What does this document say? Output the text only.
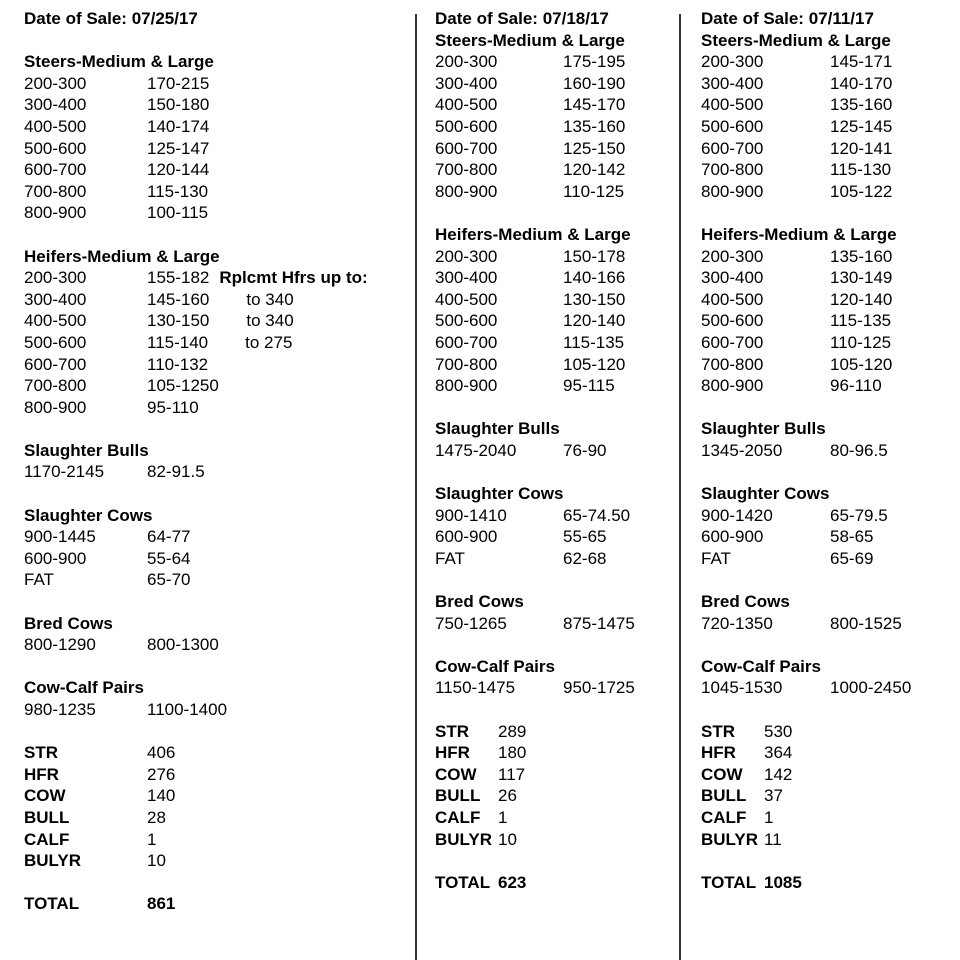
Date of Sale: 07/25/17
Steers-Medium & Large
200-300	170-215
300-400	150-180
400-500	140-174
500-600	125-147
600-700	120-144
700-800	115-130
800-900	100-115
Heifers-Medium & Large
200-300	155-182 Rplcmt Hfrs up to:
300-400	145-160 to 340
400-500	130-150 to 340
500-600	115-140 to 275
600-700	110-132
700-800	105-1250
800-900	95-110
Slaughter Bulls
1170-2145	82-91.5
Slaughter Cows
900-1445	64-77
600-900	55-64
FAT	65-70
Bred Cows
800-1290	800-1300
Cow-Calf Pairs
980-1235	1100-1400
STR	406
HFR	276
COW	140
BULL	28
CALF	1
BULYR	10
TOTAL	861
Date of Sale: 07/18/17
Steers-Medium & Large
200-300	175-195
300-400	160-190
400-500	145-170
500-600	135-160
600-700	125-150
700-800	120-142
800-900	110-125
Heifers-Medium & Large
200-300	150-178
300-400	140-166
400-500	130-150
500-600	120-140
600-700	115-135
700-800	105-120
800-900	95-115
Slaughter Bulls
1475-2040	76-90
Slaughter Cows
900-1410	65-74.50
600-900	55-65
FAT	62-68
Bred Cows
750-1265	875-1475
Cow-Calf Pairs
1150-1475	950-1725
STR	289
HFR	180
COW	117
BULL	26
CALF	1
BULYR 10
TOTAL 623
Date of Sale: 07/11/17
Steers-Medium & Large
200-300	145-171
300-400	140-170
400-500	135-160
500-600	125-145
600-700	120-141
700-800	115-130
800-900	105-122
Heifers-Medium & Large
200-300	135-160
300-400	130-149
400-500	120-140
500-600	115-135
600-700	110-125
700-800	105-120
800-900	96-110
Slaughter Bulls
1345-2050	80-96.5
Slaughter Cows
900-1420	65-79.5
600-900	58-65
FAT	65-69
Bred Cows
720-1350	800-1525
Cow-Calf Pairs
1045-1530	1000-2450
STR	530
HFR	364
COW	142
BULL	37
CALF	1
BULYR 11
TOTAL 1085
